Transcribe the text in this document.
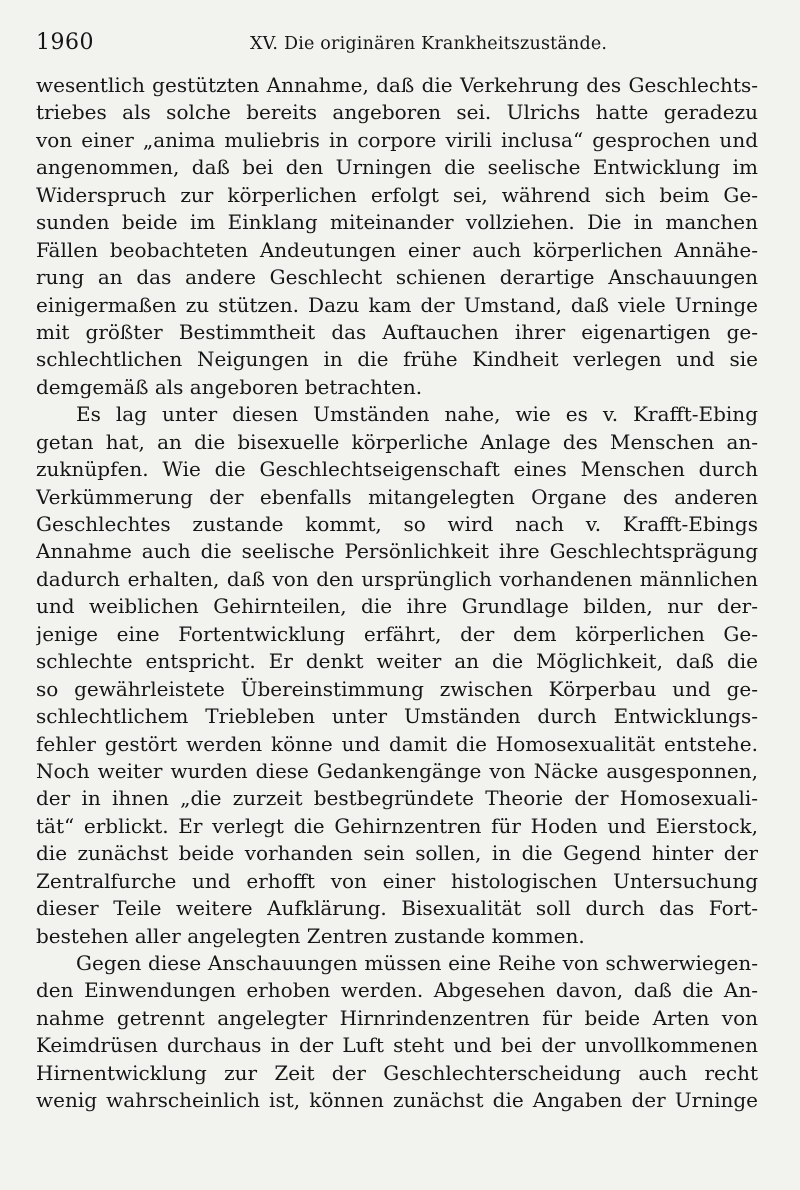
1960	XV. Die originären Krankheitszustände.
wesentlich gestützten Annahme, daß die Verkehrung des Geschlechts-
triebes als solche bereits angeboren sei. Ulrichs hatte geradezu
von einer „anima muliebris in corpore virili inclusa“ gesprochen und
angenommen, daß bei den Urningen die seelische Entwicklung im
Widerspruch zur körperlichen erfolgt sei, während sich beim Ge-
sunden beide im Einklang miteinander vollziehen. Die in manchen
Fällen beobachteten Andeutungen einer auch körperlichen Annähe-
rung an das andere Geschlecht schienen derartige Anschauungen
einigermaßen zu stützen. Dazu kam der Umstand, daß viele Urninge
mit größter Bestimmtheit das Auftauchen ihrer eigenartigen ge-
schlechtlichen Neigungen in die frühe Kindheit verlegen und sie
demgemäß als angeboren betrachten.
Es lag unter diesen Umständen nahe, wie es v. Krafft-Ebing
getan hat, an die bisexuelle körperliche Anlage des Menschen an-
zuknüpfen. Wie die Geschlechtseigenschaft eines Menschen durch
Verkümmerung der ebenfalls mitangelegten Organe des anderen
Geschlechtes zustande kommt, so wird nach v. Krafft-Ebings
Annahme auch die seelische Persönlichkeit ihre Geschlechtsprägung
dadurch erhalten, daß von den ursprünglich vorhandenen männlichen
und weiblichen Gehirnteilen, die ihre Grundlage bilden, nur der-
jenige eine Fortentwicklung erfährt, der dem körperlichen Ge-
schlechte entspricht. Er denkt weiter an die Möglichkeit, daß die
so gewährleistete Übereinstimmung zwischen Körperbau und ge-
schlechtlichem Triebleben unter Umständen durch Entwicklungs-
fehler gestört werden könne und damit die Homosexualität entstehe.
Noch weiter wurden diese Gedankengänge von Näcke ausgesponnen,
der in ihnen „die zurzeit bestbegründete Theorie der Homosexuali-
tät“ erblickt. Er verlegt die Gehirnzentren für Hoden und Eierstock,
die zunächst beide vorhanden sein sollen, in die Gegend hinter der
Zentralfurche und erhofft von einer histologischen Untersuchung
dieser Teile weitere Aufklärung. Bisexualität soll durch das Fort-
bestehen aller angelegten Zentren zustande kommen.
Gegen diese Anschauungen müssen eine Reihe von schwerwiegen-
den Einwendungen erhoben werden. Abgesehen davon, daß die An-
nahme getrennt angelegter Hirnrindenzentren für beide Arten von
Keimdrüsen durchaus in der Luft steht und bei der unvollkommenen
Hirnentwicklung zur Zeit der Geschlechterscheidung auch recht
wenig wahrscheinlich ist, können zunächst die Angaben der Urninge
